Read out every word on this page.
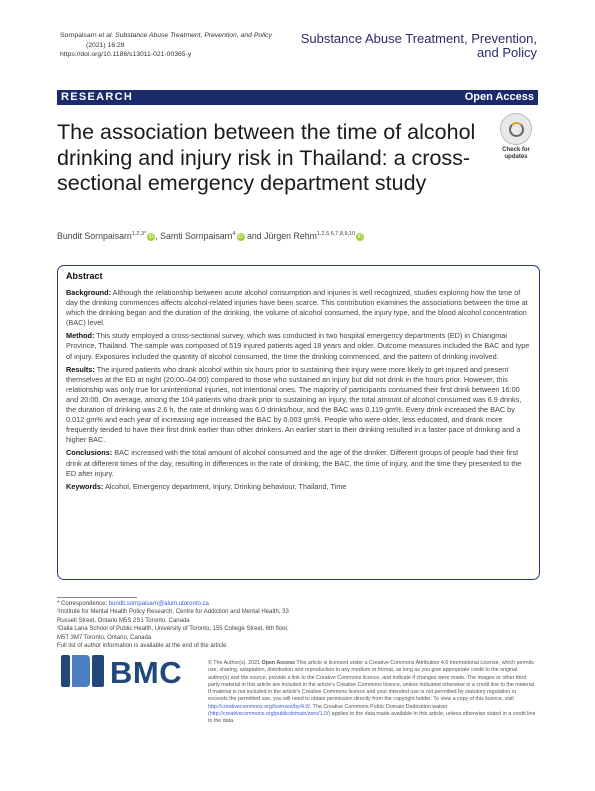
Sornpaisarn et al. Substance Abuse Treatment, Prevention, and Policy
(2021) 16:28
https://doi.org/10.1186/s13011-021-00365-y
Substance Abuse Treatment, Prevention, and Policy
RESEARCH	Open Access
The association between the time of alcohol drinking and injury risk in Thailand: a cross-sectional emergency department study
Check for updates
Bundit Sornpaisarn$^{1,2,3*}$ iD , Samti Sornpaisarn$^4$ iD and Jürgen Rehm$^{1,2,5,6,7,8,9,10}$ iD
Abstract

Background: Although the relationship between acute alcohol consumption and injuries is well recognized, studies exploring how the time of day the drinking commences affects alcohol-related injuries have been scarce. This contribution examines the associations between the time at which the drinking began and the duration of the drinking, the volume of alcohol consumed, the injury type, and the blood alcohol concentration (BAC) level.

Method: This study employed a cross-sectional survey, which was conducted in two hospital emergency departments (ED) in Chiangmai Province, Thailand. The sample was composed of 519 injured patients aged 18 years and older. Outcome measures included the BAC and type of injury. Exposures included the quantity of alcohol consumed, the time the drinking commenced, and the pattern of drinking involved.

Results: The injured patients who drank alcohol within six hours prior to sustaining their injury were more likely to get injured and present themselves at the ED at night (20:00–04:00) compared to those who sustained an injury but did not drink in the hours prior. However, this relationship was only true for unintentional injuries, not intentional ones. The majority of participants consumed their first drink between 16:00 and 20:00. On average, among the 104 patients who drank prior to sustaining an injury, the total amount of alcohol consumed was 6.9 drinks, the duration of drinking was 2.6 h, the rate of drinking was 6.0 drinks/hour, and the BAC was 0.119 gm%. Every drink increased the BAC by 0.012 gm% and each year of increasing age increased the BAC by 0.003 gm%. People who were older, less educated, and drank more frequently tended to have their first drink earlier than other drinkers. An earlier start to their drinking resulted in a faster pace of drinking and a higher BAC.

Conclusions: BAC increased with the total amount of alcohol consumed and the age of the drinker. Different groups of people had their first drink at different times of the day, resulting in differences in the rate of drinking, the BAC, the time of injury, and the time they presented to the ED after injury.

Keywords: Alcohol, Emergency department, Injury, Drinking behaviour, Thailand, Time

* Correspondence: bundit.sornpaisarn@alum.utoronto.ca
¹Institute for Mental Health Policy Research, Centre for Addiction and Mental Health, 33 Russell Street, Ontario M5S 2S1 Toronto, Canada
²Dalla Lana School of Public Health, University of Toronto, 155 College Street, 6th floor, M5T 3M7 Toronto, Ontario, Canada
Full list of author information is available at the end of the article
BMC	© The Author(s). 2021 Open Access This article is licensed under a Creative Commons Attribution 4.0 International License, which permits use, sharing, adaptation, distribution and reproduction in any medium or format, as long as you give appropriate credit to the original author(s) and the source, provide a link to the Creative Commons licence, and indicate if changes were made. The images or other third party material in this article are included in the article's Creative Commons licence, unless indicated otherwise in a credit line to the material. If material is not included in the article's Creative Commons licence and your intended use is not permitted by statutory regulation or exceeds the permitted use, you will need to obtain permission directly from the copyright holder. To view a copy of this licence, visit http://creativecommons.org/licenses/by/4.0/. The Creative Commons Public Domain Dedication waiver (http://creativecommons.org/publicdomain/zero/1.0/) applies to the data made available in this article, unless otherwise stated in a credit line to the data.
